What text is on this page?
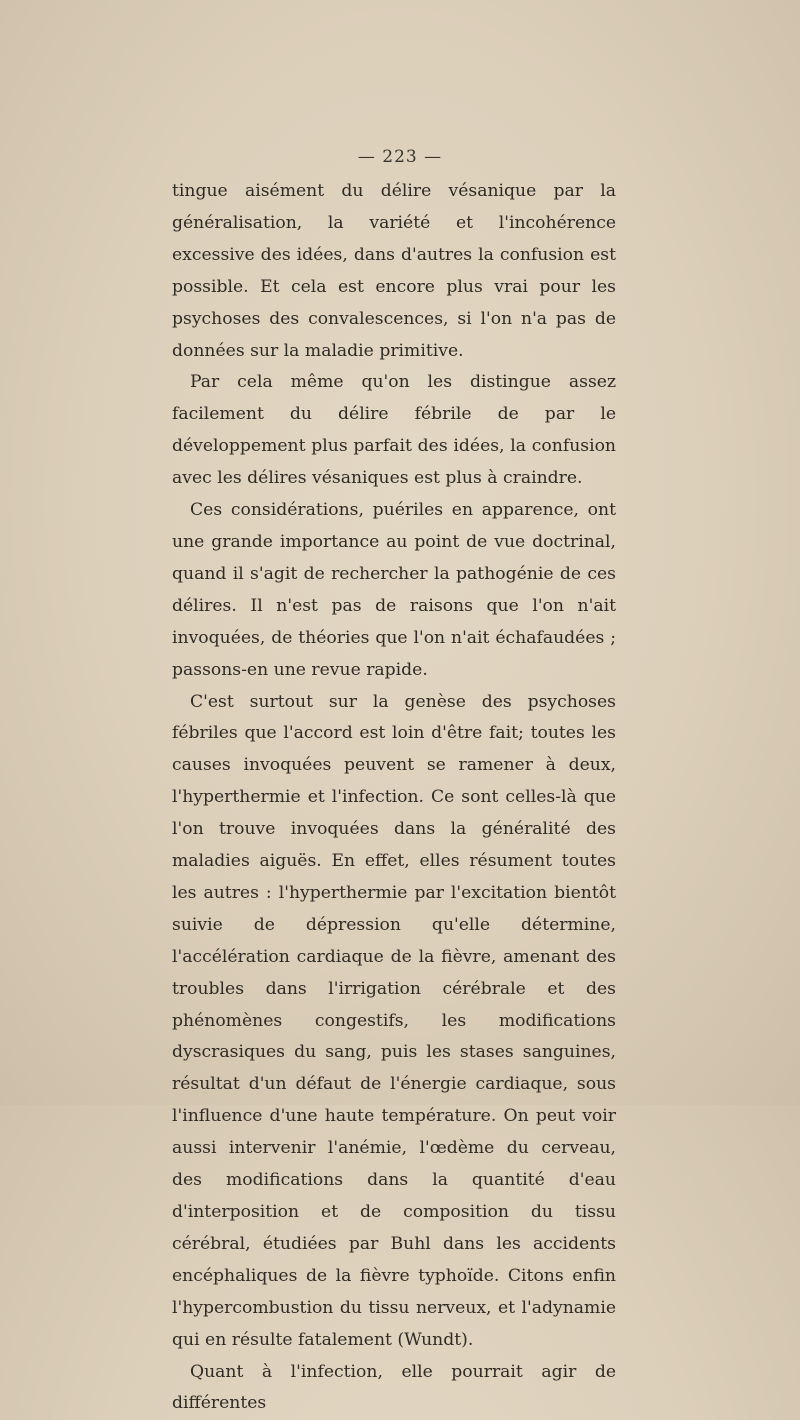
— 223 —

tingue aisément du délire vésanique par la généralisation, la variété et l'incohérence excessive des idées, dans d'autres la confusion est possible. Et cela est encore plus vrai pour les psychoses des convalescences, si l'on n'a pas de données sur la maladie primitive.

Par cela même qu'on les distingue assez facilement du délire fébrile de par le développement plus parfait des idées, la confusion avec les délires vésaniques est plus à craindre.

Ces considérations, puériles en apparence, ont une grande importance au point de vue doctrinal, quand il s'agit de rechercher la pathogénie de ces délires. Il n'est pas de raisons que l'on n'ait invoquées, de théories que l'on n'ait échafaudées ; passons-en une revue rapide.

C'est surtout sur la genèse des psychoses fébriles que l'accord est loin d'être fait; toutes les causes invoquées peuvent se ramener à deux, l'hyperthermie et l'infection. Ce sont celles-là que l'on trouve invoquées dans la généralité des maladies aiguës. En effet, elles résument toutes les autres : l'hyperthermie par l'excitation bientôt suivie de dépression qu'elle détermine, l'accélération cardiaque de la fièvre, amenant des troubles dans l'irrigation cérébrale et des phénomènes congestifs, les modifications dyscrasiques du sang, puis les stases sanguines, résultat d'un défaut de l'énergie cardiaque, sous l'influence d'une haute température. On peut voir aussi intervenir l'anémie, l'œdème du cerveau, des modifications dans la quantité d'eau d'interposition et de composition du tissu cérébral, étudiées par Buhl dans les accidents encéphaliques de la fièvre typhoïde. Citons enfin l'hypercombustion du tissu nerveux, et l'adynamie qui en résulte fatalement (Wundt).

Quant à l'infection, elle pourrait agir de différentes
